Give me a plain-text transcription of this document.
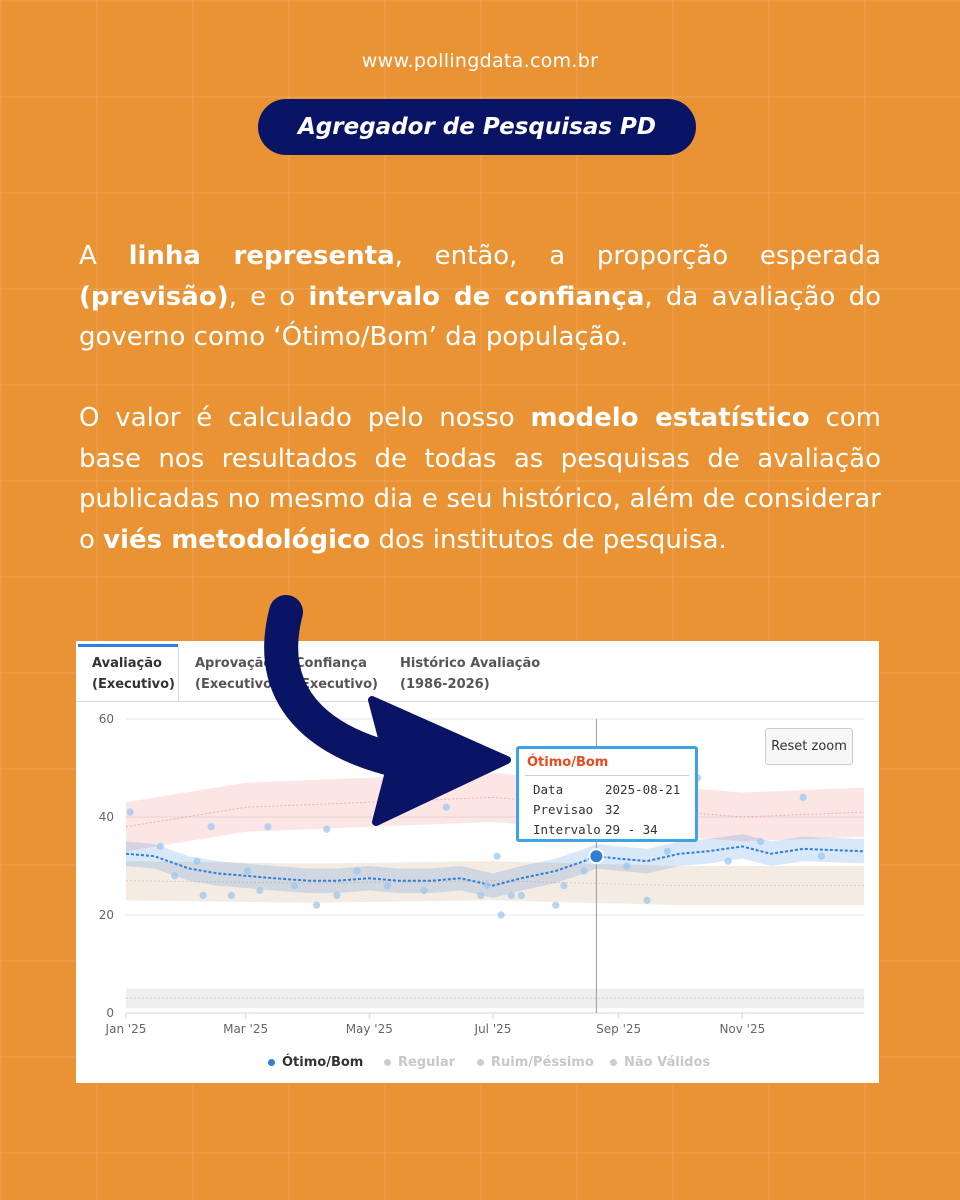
www.pollingdata.com.br
Agregador de Pesquisas PD

A linha representa, então, a proporção esperada (previsão), e o intervalo de confiança, da avaliação do governo como ‘Ótimo/Bom’ da população.

O valor é calculado pelo nosso modelo estatístico com base nos resultados de todas as pesquisas de avaliação publicadas no mesmo dia e seu histórico, além de considerar o viés metodológico dos institutos de pesquisa.

0
20
40
60
Jan '25	Mar '25	May '25	Jul '25	Sep '25	Nov '25
Avaliação
(Executivo)
Aprovação
(Executivo)
Confiança
(Executivo)
Histórico Avaliação
(1986-2026)
Reset zoom
Ótimo/Bom
Data	2025-08-21
Previsao 32
Intervalo 29 - 34
Ótimo/Bom	Regular	Ruim/Péssimo	Não Válidos
